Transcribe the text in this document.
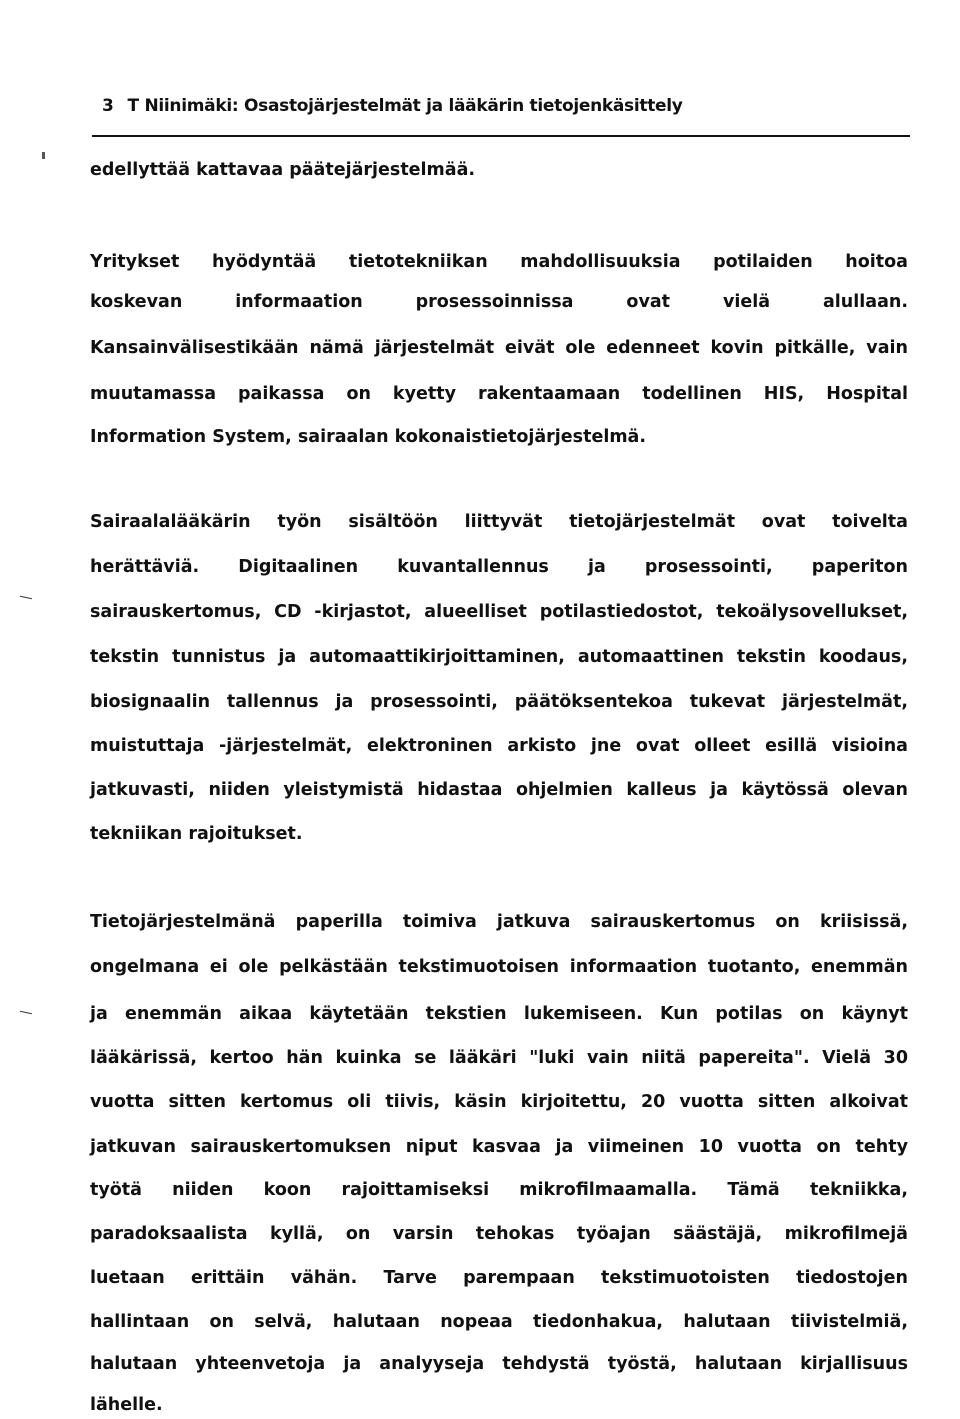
3 T Niinimäki: Osastojärjestelmät ja lääkärin tietojenkäsittely
edellyttää kattavaa päätejärjestelmää.
Yritykset hyödyntää tietotekniikan mahdollisuuksia potilaiden hoitoa
koskevan informaation prosessoinnissa ovat vielä alullaan.
Kansainvälisestikään nämä järjestelmät eivät ole edenneet kovin pitkälle, vain
muutamassa paikassa on kyetty rakentaamaan todellinen HIS, Hospital
Information System, sairaalan kokonaistietojärjestelmä.
Sairaalalääkärin työn sisältöön liittyvät tietojärjestelmät ovat toivelta
herättäviä. Digitaalinen kuvantallennus ja prosessointi, paperiton
sairauskertomus, CD -kirjastot, alueelliset potilastiedostot, tekoälysovellukset,
tekstin tunnistus ja automaattikirjoittaminen, automaattinen tekstin koodaus,
biosignaalin tallennus ja prosessointi, päätöksentekoa tukevat järjestelmät,
muistuttaja -järjestelmät, elektroninen arkisto jne ovat olleet esillä visioina
jatkuvasti, niiden yleistymistä hidastaa ohjelmien kalleus ja käytössä olevan
tekniikan rajoitukset.
Tietojärjestelmänä paperilla toimiva jatkuva sairauskertomus on kriisissä,
ongelmana ei ole pelkästään tekstimuotoisen informaation tuotanto, enemmän
ja enemmän aikaa käytetään tekstien lukemiseen. Kun potilas on käynyt
lääkärissä, kertoo hän kuinka se lääkäri "luki vain niitä papereita". Vielä 30
vuotta sitten kertomus oli tiivis, käsin kirjoitettu, 20 vuotta sitten alkoivat
jatkuvan sairauskertomuksen niput kasvaa ja viimeinen 10 vuotta on tehty
työtä niiden koon rajoittamiseksi mikrofilmaamalla. Tämä tekniikka,
paradoksaalista kyllä, on varsin tehokas työajan säästäjä, mikrofilmejä
luetaan erittäin vähän. Tarve parempaan tekstimuotoisten tiedostojen
hallintaan on selvä, halutaan nopeaa tiedonhakua, halutaan tiivistelmiä,
halutaan yhteenvetoja ja analyyseja tehdystä työstä, halutaan kirjallisuus
lähelle.
